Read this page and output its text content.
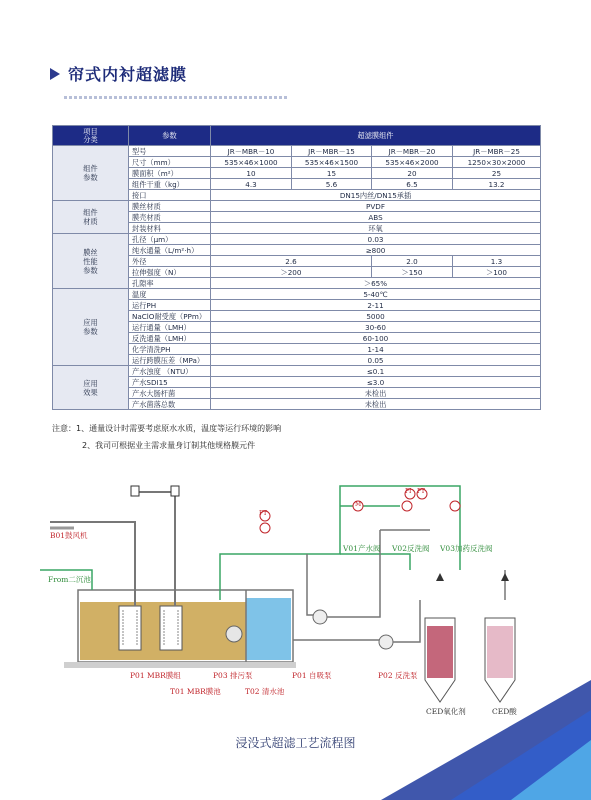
帘式内衬超滤膜
项目
分类	参数	超滤膜组件			
组件
参数	型号	JR－MBR－10	JR－MBR－15	JR－MBR－20	JR－MBR－25
	尺寸（mm）	535×46×1000	535×46×1500	535×46×2000	1250×30×2000
	膜面积（m²）	10	15	20	25
	组件干重（kg）	4.3	5.6	6.5	13.2
	接口	DN15内丝/DN15承插			
组件
材质	膜丝材质	PVDF			
	膜壳材质	ABS			
	封装材料	环氧			
膜丝
性能
参数	孔径（μm）	0.03			
	纯水通量（L/m²·h）	≥800			
	外径	2.6		2.0	1.3
	拉伸强度（N）	＞200		＞150	＞100
	孔隙率	＞65%			
应用
参数	温度	5-40℃			
	运行PH	2-11			
	NaClO耐受度（PPm）	5000			
	运行通量（LMH）	30-60			
	反洗通量（LMH）	60-100			
	化学清洗PH	1-14			
	运行跨膜压差（MPa）	0.05			
应用
效果	产水浊度 （NTU）	≤0.1			
	产水SDI15	≤3.0			
	产水大肠杆菌	未检出			
	产水菌落总数	未检出			
注意：1、通量设计时需要考虑原水水质，温度等运行环境的影响
2、我司可根据业主需求量身订制其他规格膜元件
B01鼓风机
From二沉池
P01 MBR膜组
T01 MBR膜池
P03 排污泵
T02 清水池
P01 自吸泵	P02 反洗泵
V01产水阀 V02反洗阀 V03加药反洗阀
CED氧化剂	CED酸
FT
PT
PI
M
浸没式超滤工艺流程图
